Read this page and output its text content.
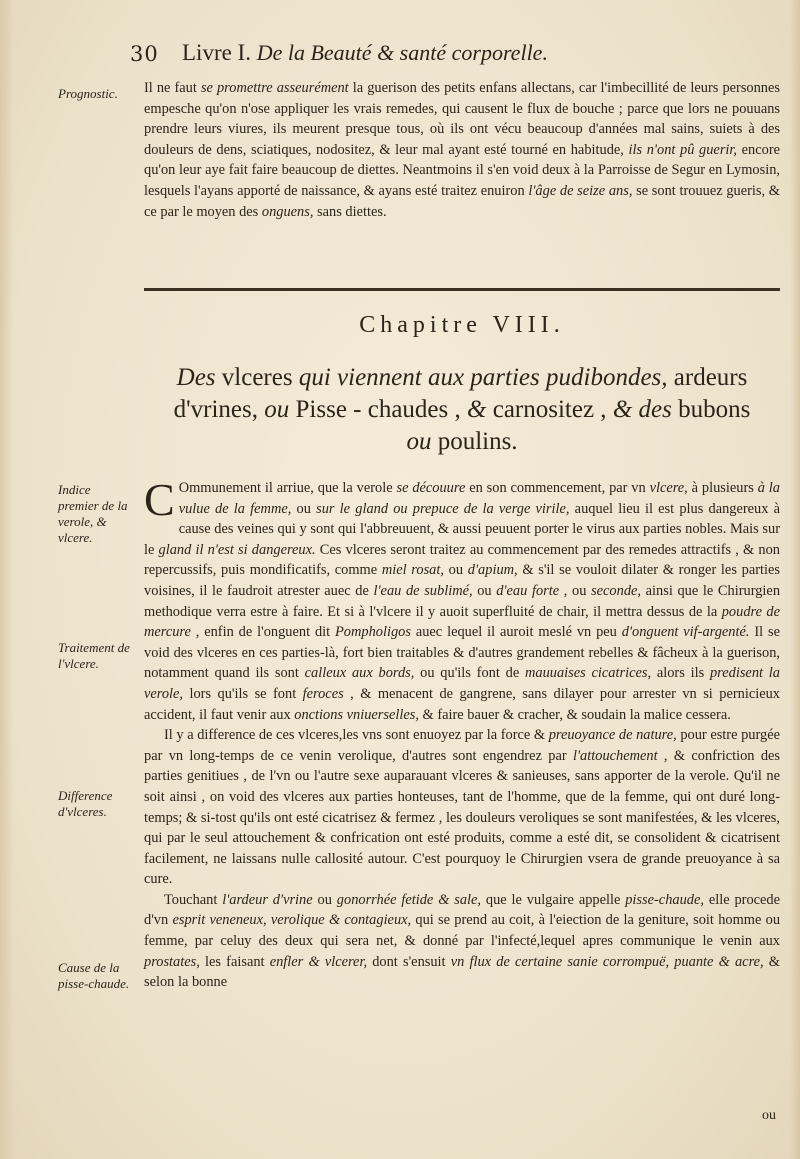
30 Livre I. De la Beauté & santé corporelle.
Prognostic.	Il ne faut se promettre asseurément la guerison des petits enfans allectans, car l'imbecillité de leurs personnes empesche qu'on n'ose appliquer les vrais remedes, qui causent le flux de bouche ; parce que lors ne pouuans prendre leurs viures, ils meurent presque tous, où ils ont vécu beaucoup d'années mal sains, suiets à des douleurs de dens, sciatiques, nodositez, & leur mal ayant esté tourné en habitude, ils n'ont pû guerir, encore qu'on leur aye fait faire beaucoup de diettes. Neantmoins il s'en void deux à la Parroisse de Segur en Lymosin, lesquels l'ayans apporté de naissance, & ayans esté traitez enuiron l'âge de seize ans, se sont trouuez gueris, & ce par le moyen des onguens, sans diettes.

Chapitre VIII.
Des vlceres qui viennent aux parties pudibondes, ardeurs d'vrines, ou Pisse - chaudes , & carnositez , & des bubons ou poulins.
Indice premier de la verole, & vlcere.
Traitement de l'vlcere.
Difference d'vlceres.
Cause de la pisse-chaude.

C Ommunement il arriue, que la verole se découure en son commencement, par vn vlcere, à plusieurs à la vulue de la femme, ou sur le gland ou prepuce de la verge virile, auquel lieu il est plus dangereux à cause des veines qui y sont qui l'abbreuuent, & aussi peuuent porter le virus aux parties nobles. Mais sur le gland il n'est si dangereux. Ces vlceres seront traitez au commencement par des remedes attractifs , & non repercussifs, puis mondificatifs, comme miel rosat, ou d'apium, & s'il se vouloit dilater & ronger les parties voisines, il le faudroit atrester auec de l'eau de sublimé, ou d'eau forte , ou seconde, ainsi que le Chirurgien methodique verra estre à faire. Et si à l'vlcere il y auoit superfluité de chair, il mettra dessus de la poudre de mercure , enfin de l'onguent dit Pompholigos auec lequel il auroit meslé vn peu d'onguent vif-argenté. Il se void des vlceres en ces parties-là, fort bien traitables & d'autres grandement rebelles & fâcheux à la guerison, notamment quand ils sont calleux aux bords, ou qu'ils font de mauuaises cicatrices, alors ils predisent la verole, lors qu'ils se font feroces , & menacent de gangrene, sans dilayer pour arrester vn si pernicieux accident, il faut venir aux onctions vniuerselles, & faire bauer & cracher, & soudain la malice cessera.

Il y a difference de ces vlceres,les vns sont enuoyez par la force & preuoyance de nature, pour estre purgée par vn long-temps de ce venin verolique, d'autres sont engendrez par l'attouchement , & confriction des parties genitiues , de l'vn ou l'autre sexe auparauant vlceres & sanieuses, sans apporter de la verole. Qu'il ne soit ainsi , on void des vlceres aux parties honteuses, tant de l'homme, que de la femme, qui ont duré long-temps; & si-tost qu'ils ont esté cicatrisez & fermez , les douleurs veroliques se sont manifestées, & les vlceres, qui par le seul attouchement & confrication ont esté produits, comme a esté dit, se consolident & cicatrisent facilement, ne laissans nulle callosité autour. C'est pourquoy le Chirurgien vsera de grande preuoyance à sa cure.

Touchant l'ardeur d'vrine ou gonorrhée fetide & sale, que le vulgaire appelle pisse-chaude, elle procede d'vn esprit veneneux, verolique & contagieux, qui se prend au coit, à l'eiection de la geniture, soit homme ou femme, par celuy des deux qui sera net, & donné par l'infecté,lequel apres communique le venin aux prostates, les faisant enfler & vlcerer, dont s'ensuit vn flux de certaine sanie corrompuë, puante & acre, & selon la bonne

ou
